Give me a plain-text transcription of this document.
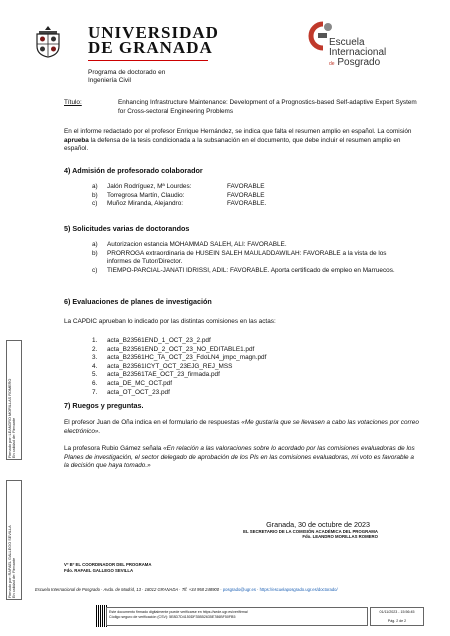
UNIVERSIDAD
DE GRANADA
Programa de doctorado en
Ingeniería Civil
Escuela
Internacional
de Posgrado
Título:	Enhancing Infrastructure Maintenance: Development of a Prognostics-based Self-adaptive Expert System for Cross-sectoral Engineering Problems
En el informe redactado por el profesor Enrique Hernández, se indica que falta el resumen amplio en español. La comisión aprueba la defensa de la tesis condicionada a la subsanación en el documento, que debe incluir el resumen amplio en español.
4) Admisión de profesorado colaborador
a)	Jalón Rodríguez, Mª Lourdes:	FAVORABLE
b)	Torregrosa Martín, Claudio:	FAVORABLE
c)	Muñoz Miranda, Alejandro:	FAVORABLE.
5) Solicitudes varias de doctorandos
a)	Autorizacion estancia MOHAMMAD SALEH, ALI: FAVORABLE.
b)	PRORROGA extraordinaria de HUSEIN SALEH MAULADDAWILAH: FAVORABLE a la vista de los informes de Tutor/Director.
c)	TIEMPO-PARCIAL-JANATI IDRISSI, ADIL: FAVORABLE. Aporta certificado de empleo en Marruecos.
6) Evaluaciones de planes de investigación
La CAPDIC aprueban lo indicado por las distintas comisiones en las actas:
1.	acta_B23561END_1_OCT_23_2.pdf
2.	acta_B23561END_2_OCT_23_NO_EDITABLE1.pdf
3.	acta_B23561HC_TA_OCT_23_FdoLN4_jmpc_magn.pdf
4.	acta_B23561ICYT_OCT_23EJG_REJ_MSS
5.	acta_B23561TAE_OCT_23_firmada.pdf
6.	acta_DE_MC_OCT.pdf
7.	acta_OT_OCT_23.pdf
7) Ruegos y preguntas.
El profesor Juan de Oña indica en el formulario de respuestas «Me gustaría que se llevasen a cabo las votaciones por correo electrónico».
La profesora Rubio Gámez señala «En relación a las valoraciones sobre lo acordado por las comisiones evaluadoras de los Planes de investigación, el sector delegado de aprobación de los Pls en las comisiones evaluadoras, mi voto es favorable a la decisión que haya tomado.»
Granada, 30 de octubre de 2023
EL SECRETARIO DE LA COMISIÓN ACADÉMICA DEL PROGRAMA
Fdo. LEANDRO MORILLAS ROMERO
Vº Bº EL COORDINADOR DEL PROGRAMA
Fdo. RAFAEL GALLEGO SEVILLA
Escuela Internacional de Posgrado · Avda. de Madrid, 13 · 18012 GRANADA · Tlf. +34 958 248900 · posgrado@ugr.es · https://escuelaposgrado.ugr.es/doctorado/
Firmado por: LEANDRO MORILLAS ROMERO
En calidad de: Firmante
Firmado por: RAFAEL GALLEGO SEVILLA
En calidad de: Firmante
Este documento firmado digitalmente puede verificarse en https://sede.ugr.es/verifirma/
Código seguro de verificación (CSV): 5E8D7D4150DF35B52635E786BF50FB5
01/11/2023 - 15:56:45
Pág. 2 de 2
